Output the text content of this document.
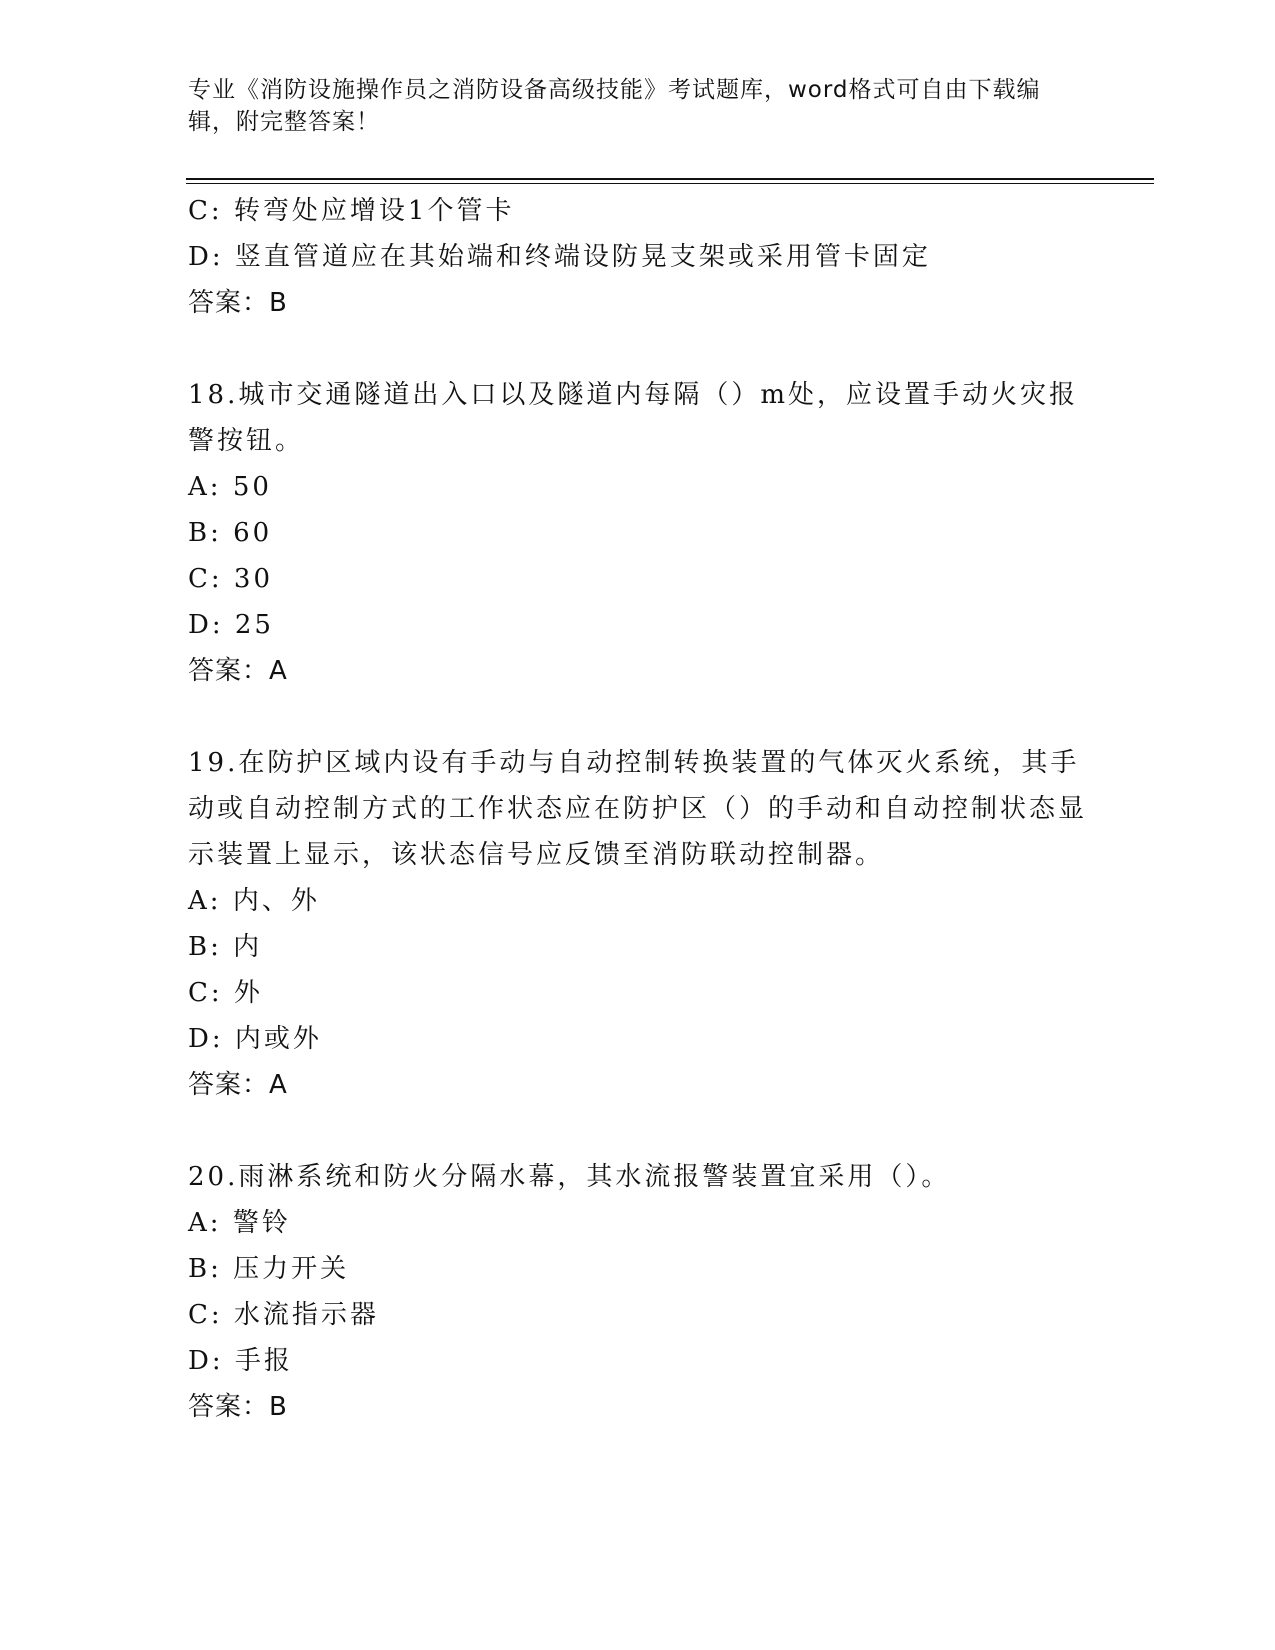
专业《消防设施操作员之消防设备高级技能》考试题库，word格式可自由下载编辑，附完整答案！
C: 转弯处应增设1个管卡
D: 竖直管道应在其始端和终端设防晃支架或采用管卡固定
答案：B
18.城市交通隧道出入口以及隧道内每隔（）m处，应设置手动火灾报警按钮。
A: 50
B: 60
C: 30
D: 25
答案：A
19.在防护区域内设有手动与自动控制转换装置的气体灭火系统，其手动或自动控制方式的工作状态应在防护区（）的手动和自动控制状态显示装置上显示，该状态信号应反馈至消防联动控制器。
A: 内、外
B: 内
C: 外
D: 内或外
答案：A
20.雨淋系统和防火分隔水幕，其水流报警装置宜采用（）。
A: 警铃
B: 压力开关
C: 水流指示器
D: 手报
答案：B
